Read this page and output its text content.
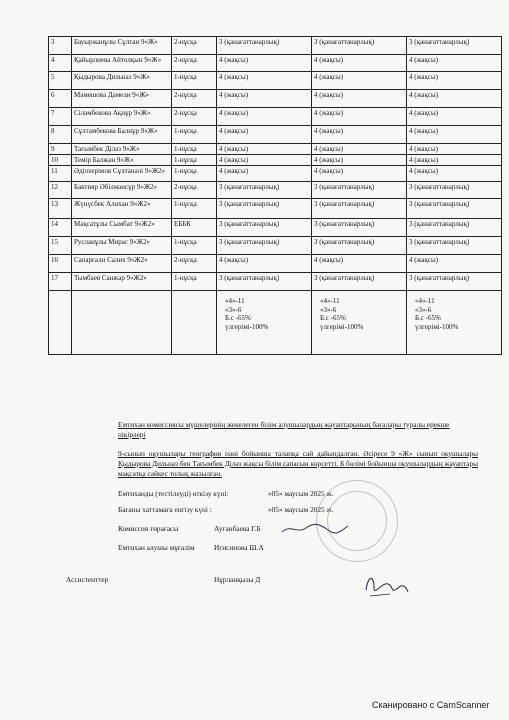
3	Бауыржанұлы Сұлтан 9«Ж»	2-нұсқа	3 (қанағаттанарлық)	3 (қанағаттанарлық)	3 (қанағаттанарлық)
4	Қайырлиева Айтолқын 9«Ж»	2-нұсқа	4 (жақсы)	4 (жақсы)	4 (жақсы)
5	Қыдырова Дильназ 9«Ж»	1-нұсқа	4 (жақсы)	4 (жақсы)	4 (жақсы)
6	Мамешова Дамели 9«Ж»	2-нұсқа	4 (жақсы)	4 (жақсы)	4 (жақсы)
7	Сілəмбекова Ақнұр 9«Ж»	2-нұсқа	4 (жақсы)	4 (жақсы)	4 (жақсы)
8	Сұлтамбекова Балнұр 9«Ж»	1-нұсқа	4 (жақсы)	4 (жақсы)	4 (жақсы)
9	Тағымбек Діләз 9«Ж»	1-нұсқа	4 (жақсы)	4 (жақсы)	4 (жақсы)
10	Темір Балжан 9«Ж»	1-нұсқа	4 (жақсы)	4 (жақсы)	4 (жақсы)
11	Әділхерімов Сұлтанəлі 9«Ж2»	1-нұсқа	4 (жақсы)	4 (жақсы)	4 (жақсы)
12	Бактияр Әбілмансұр 9«Ж2»	2-нұсқа	3 (қанағаттанарлық)	3 (қанағаттанарлық)	3 (қанағаттанарлық)
13	Жүнүсбек Алихан 9«Ж2»	1-нұсқа	3 (қанағаттанарлық)	3 (қанағаттанарлық)	3 (қанағаттанарлық)
14	Мақсатұлы Сымбат 9«Ж2»	ЕББК	3 (қанағаттанарлық)	3 (қанағаттанарлық)	3 (қанағаттанарлық)
15	Русланұлы Мирас 9«Ж2»	1-нұсқа	3 (қанағаттанарлық)	3 (қанағаттанарлық)	3 (қанағаттанарлық)
16	Сапарғали Салих 9«Ж2»	2-нұсқа	4 (жақсы)	4 (жақсы)	4 (жақсы)
17	Тымбаев Санжар 9«Ж2»	1-нұсқа	3 (қанағаттанарлық)	3 (қанағаттанарлық)	3 (қанағаттанарлық)

			«4»-11
«3»-6
Б.с -65%
үлгерімі-100%	«4»-11
«3»-6
Б.с -65%
үлгерімі-100%	«4»-11
«3»-6
Б.с -65%
үлгерімі-100%
Емтихан комиссиясы мүшелерінің жекелеген білім алушылардың жауаптарының бағалары туралы ерекше пікірлері
9-сынып оқушылары география пәні бойынша талапқа сай дайындалған. Әсіресе 9 «Ж» сынып оқушылары Қыдырова Дильназ бен Тағымбек Діләз жақсы білім сапасын көрсетті. Б бөлімі бойынша оқушылардың жауаптары мақсатқа сәйкес толық жазылған.
Емтиханды (тестілеуді) өткізу күні:	«05» маусым 2025 ж.
Бағаны хаттамаға енгізу күні :	«05» маусым 2025 ж.
Комиссия төрағасы	Ауганбаева Г.Б
Емтихан алушы мұғалім	Игисинова Ш.А
Ассистенттер	Нұрланқызы Д
Сканировано с CamScanner
